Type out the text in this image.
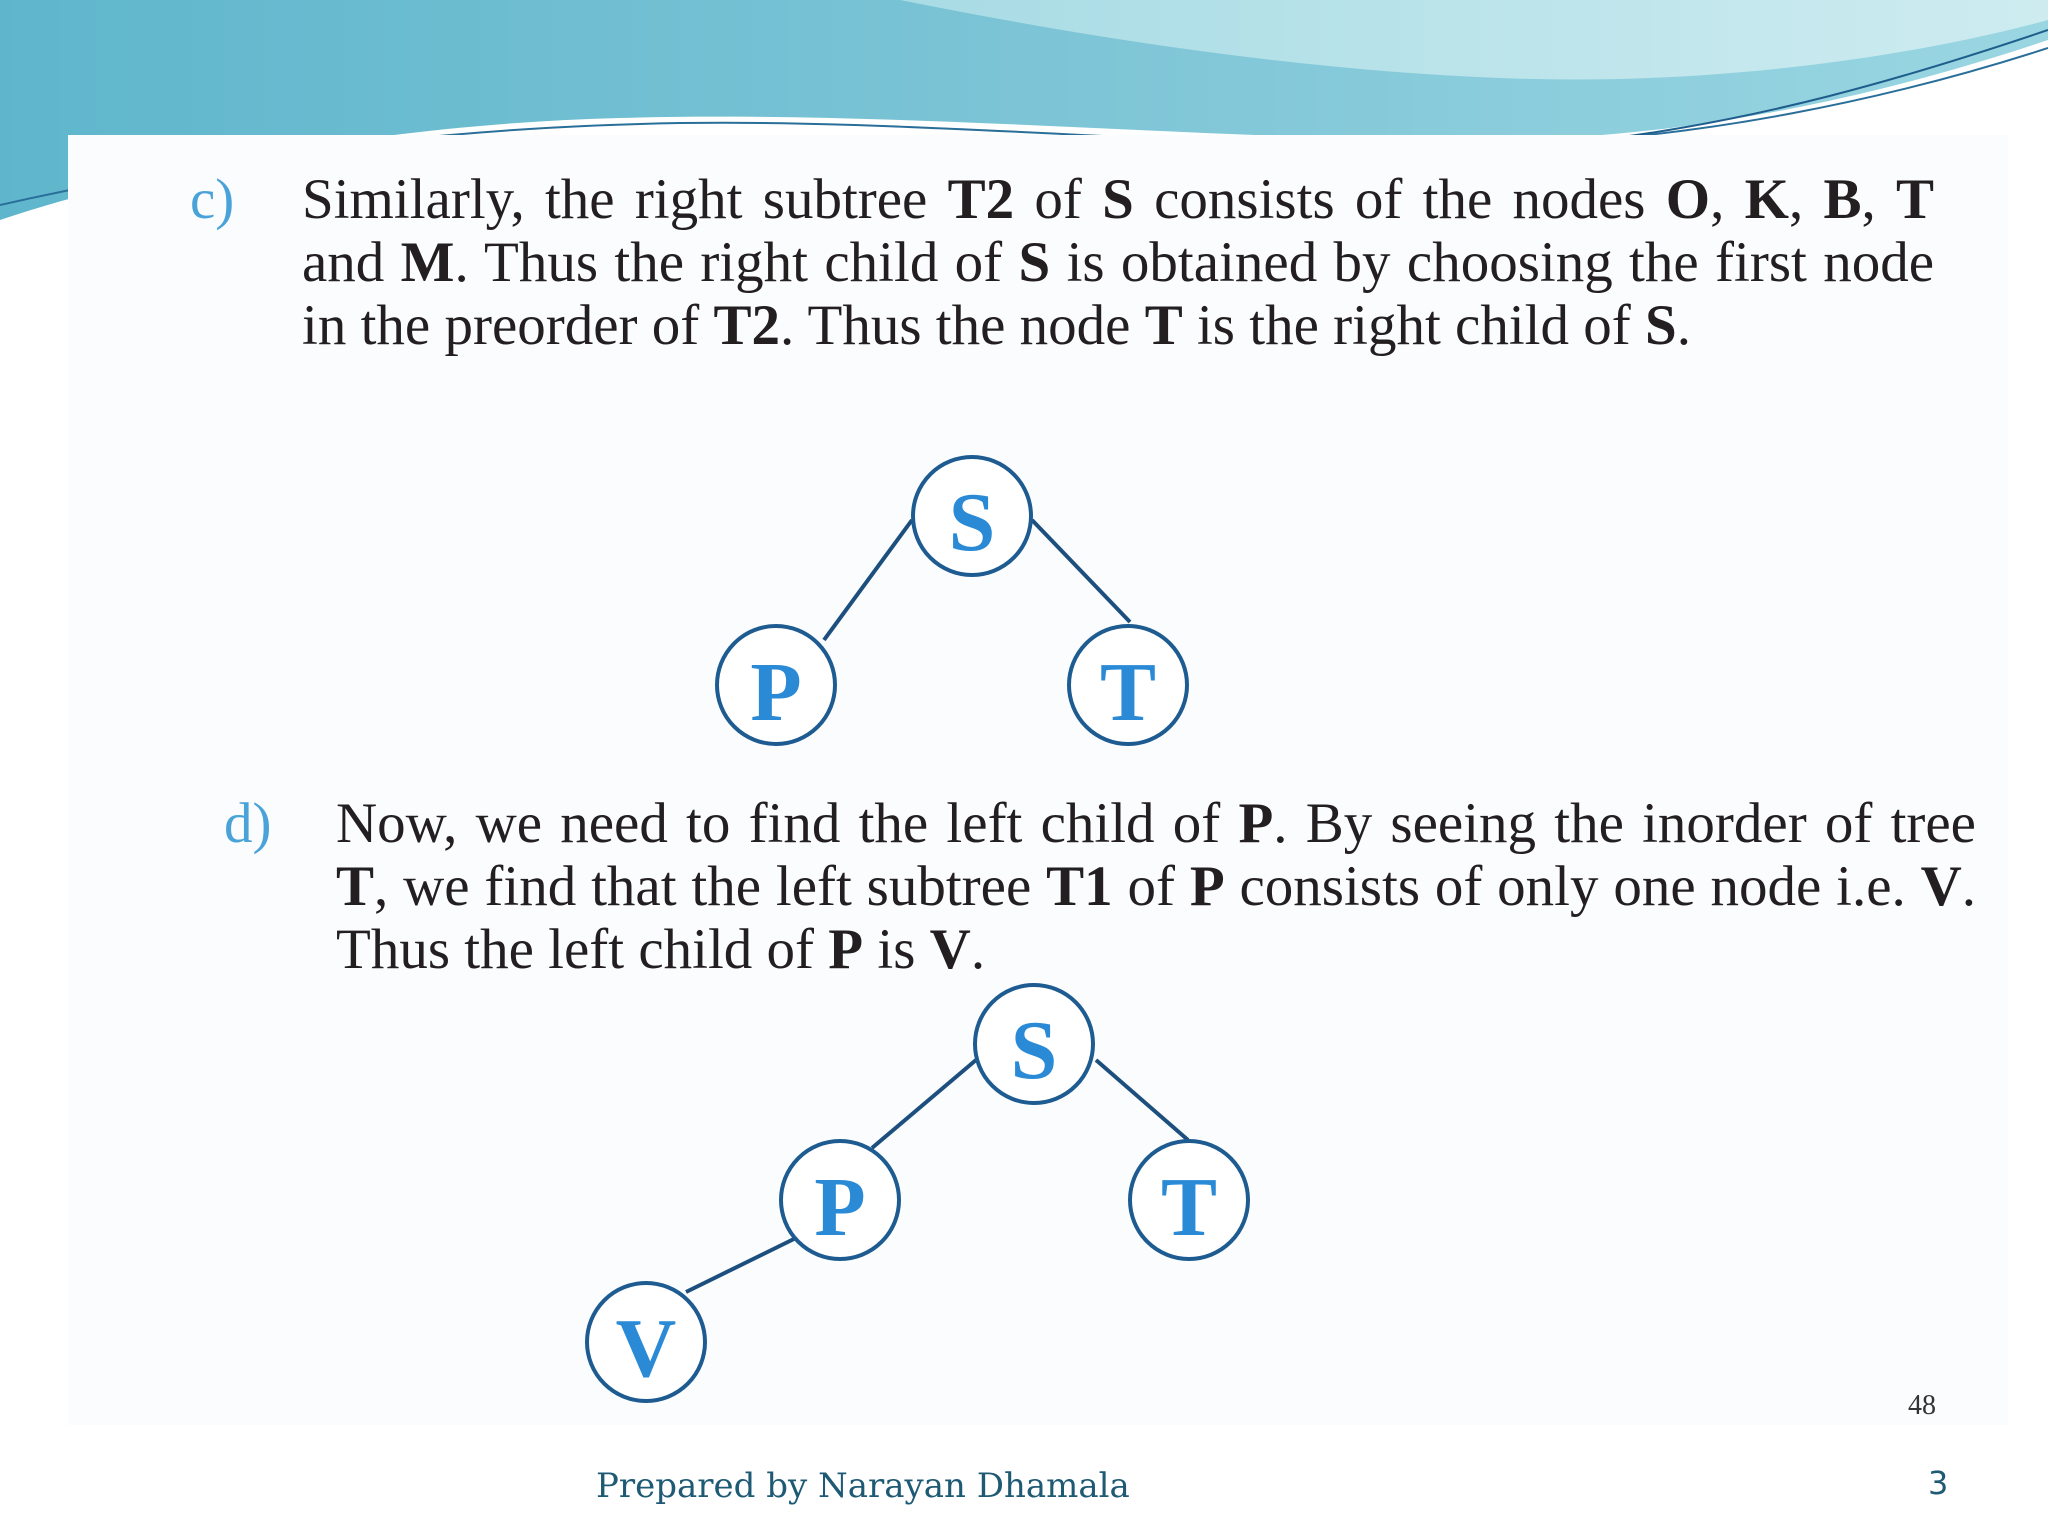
c) Similarly, the right subtree T2 of S consists of the nodes O, K, B, T and M. Thus the right child of S is obtained by choosing the first node in the preorder of T2. Thus the node T is the right child of S.
S
P	T
d) Now, we need to find the left child of P. By seeing the inorder of tree T, we find that the left subtree T1 of P consists of only one node i.e. V. Thus the left child of P is V.
S
P	T
V
48
Prepared by Narayan Dhamala	3
